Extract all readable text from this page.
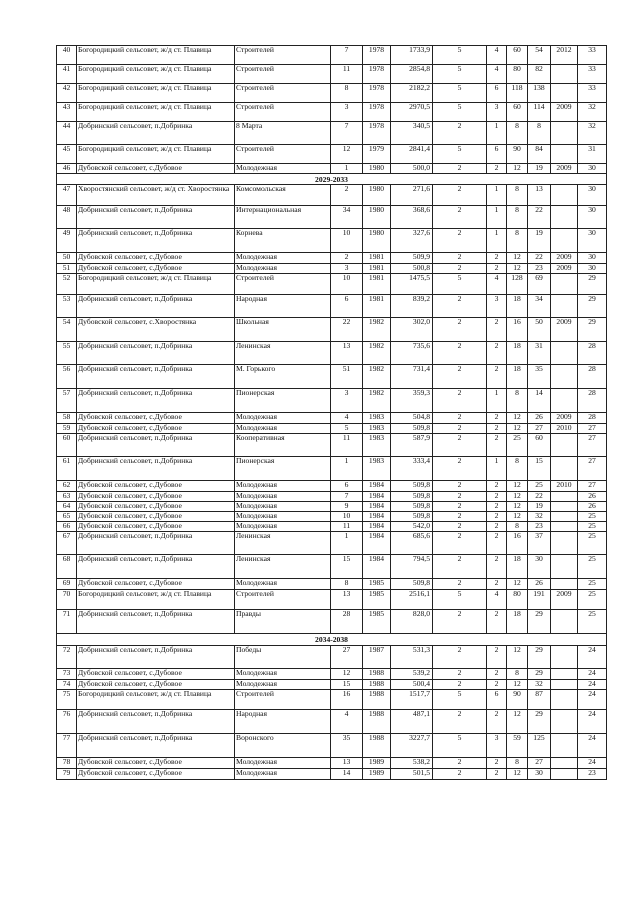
40	Богородицкий сельсовет, ж/д ст. Плавица	Строителей	7	1978	1733,9	5	4	60	54	2012	33
41	Богородицкий сельсовет, ж/д ст. Плавица	Строителей	11	1978	2854,8	5	4	80	82		33
42	Богородицкий сельсовет, ж/д ст. Плавица	Строителей	8	1978	2182,2	5	6	118	138		33
43	Богородицкий сельсовет, ж/д ст. Плавица	Строителей	3	1978	2970,5	5	3	60	114	2009	32
44	Добринский сельсовет, п.Добринка	8 Марта	7	1978	340,5	2	1	8	8		32
45	Богородицкий сельсовет, ж/д ст. Плавица	Строителей	12	1979	2841,4	5	6	90	84		31
46	Дубовской сельсовет, с.Дубовое	Молодежная	1	1980	500,0	2	2	12	19	2009	30
2029-2033											
47	Хворостянский сельсовет, ж/д ст. Хворостянка	Комсомольская	2	1980	271,6	2	1	8	13		30
48	Добринский сельсовет, п.Добринка	Интернациональная	34	1980	368,6	2	1	8	22		30
49	Добринский сельсовет, п.Добринка	Корнева	10	1980	327,6	2	1	8	19		30
50	Дубовской сельсовет, с.Дубовое	Молодежная	2	1981	509,9	2	2	12	22	2009	30
51	Дубовской сельсовет, с.Дубовое	Молодежная	3	1981	500,8	2	2	12	23	2009	30
52	Богородицкий сельсовет, ж/д ст. Плавица	Строителей	10	1981	1475,5	5	4	128	69		29
53	Добринский сельсовет, п.Добринка	Народная	6	1981	839,2	2	3	18	34		29
54	Дубовской сельсовет, с.Хворостянка	Школьная	22	1982	302,0	2	2	16	50	2009	29
55	Добринский сельсовет, п.Добринка	Ленинская	13	1982	735,6	2	2	18	31		28
56	Добринский сельсовет, п.Добринка	М. Горького	51	1982	731,4	2	2	18	35		28
57	Добринский сельсовет, п.Добринка	Пионерская	3	1982	359,3	2	1	8	14		28
58	Дубовской сельсовет, с.Дубовое	Молодежная	4	1983	504,8	2	2	12	26	2009	28
59	Дубовской сельсовет, с.Дубовое	Молодежная	5	1983	509,8	2	2	12	27	2010	27
60	Добринский сельсовет, п.Добринка	Кооперативная	11	1983	587,9	2	2	25	60		27
61	Добринский сельсовет, п.Добринка	Пионерская	1	1983	333,4	2	1	8	15		27
62	Дубовской сельсовет, с.Дубовое	Молодежная	6	1984	509,8	2	2	12	25	2010	27
63	Дубовской сельсовет, с.Дубовое	Молодежная	7	1984	509,8	2	2	12	22		26
64	Дубовской сельсовет, с.Дубовое	Молодежная	9	1984	509,8	2	2	12	19		26
65	Дубовской сельсовет, с.Дубовое	Молодежная	10	1984	509,8	2	2	12	32		25
66	Дубовской сельсовет, с.Дубовое	Молодежная	11	1984	542,0	2	2	8	23		25
67	Добринский сельсовет, п.Добринка	Ленинская	1	1984	685,6	2	2	16	37		25
68	Добринский сельсовет, п.Добринка	Ленинская	15	1984	794,5	2	2	18	30		25
69	Дубовской сельсовет, с.Дубовое	Молодежная	8	1985	509,8	2	2	12	26		25
70	Богородицкий сельсовет, ж/д ст. Плавица	Строителей	13	1985	2516,1	5	4	80	191	2009	25
71	Добринский сельсовет, п.Добринка	Правды	28	1985	828,0	2	2	18	29		25
2034-2038											
72	Добринский сельсовет, п.Добринка	Победы	27	1987	531,3	2	2	12	29		24
73	Дубовской сельсовет, с.Дубовое	Молодежная	12	1988	539,2	2	2	8	29		24
74	Дубовской сельсовет, с.Дубовое	Молодежная	15	1988	500,4	2	2	12	32		24
75	Богородицкий сельсовет, ж/д ст. Плавица	Строителей	16	1988	1517,7	5	6	90	87		24
76	Добринский сельсовет, п.Добринка	Народная	4	1988	487,1	2	2	12	29		24
77	Добринский сельсовет, п.Добринка	Воронского	35	1988	3227,7	5	3	59	125		24
78	Дубовской сельсовет, с.Дубовое	Молодежная	13	1989	538,2	2	2	8	27		24
79	Дубовской сельсовет, с.Дубовое	Молодежная	14	1989	501,5	2	2	12	30		23
